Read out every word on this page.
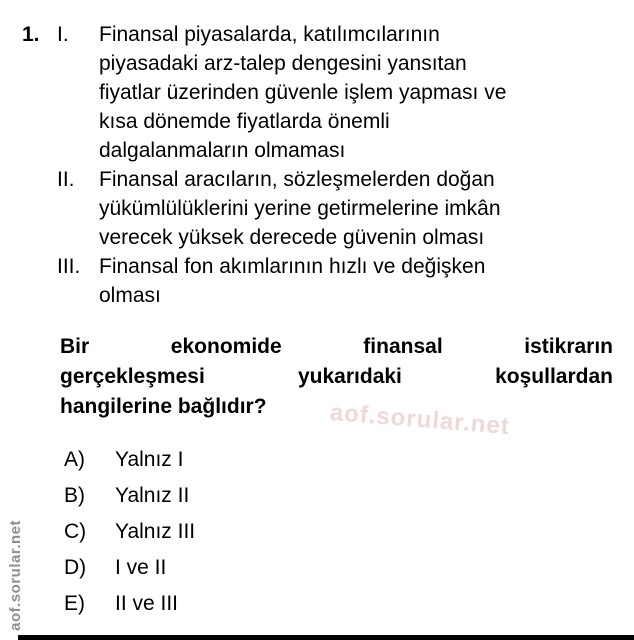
1. I.	Finansal piyasalarda, katılımcılarının
piyasadaki arz-talep dengesini yansıtan
fiyatlar üzerinden güvenle işlem yapması ve
kısa dönemde fiyatlarda önemli
dalgalanmaların olmaması
II.	Finansal aracıların, sözleşmelerden doğan
yükümlülüklerini yerine getirmelerine imkân
verecek yüksek derecede güvenin olması
III. Finansal fon akımlarının hızlı ve değişken
olması
Bir ekonomide finansal istikrarın
gerçekleşmesi yukarıdaki koşullardan
hangilerine bağlıdır?	aof.sorular.net
A)	Yalnız I
B)	Yalnız II
C)	Yalnız III
D)	I ve II
E)	II ve III
aof.sorular.net
